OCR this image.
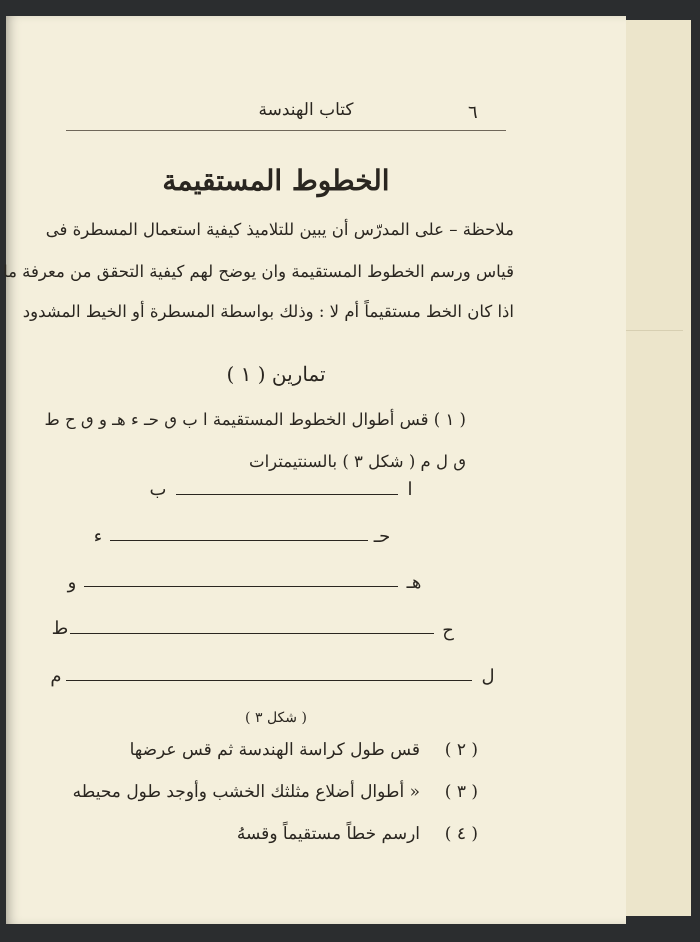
٦
كتاب الهندسة
الخطوط المستقيمة
ملاحظة – على المدرّس أن يبين للتلاميذ كيفية استعمال المسطرة فى
قياس ورسم الخطوط المستقيمة وان يوضح لهم كيفية التحقق من معرفة ما
اذا كان الخط مستقيماً أم لا : وذلك بواسطة المسطرة أو الخيط المشدود
تمارين ( ١ )
( ١ ) قس أطوال الخطوط المستقيمة ا ب ٯ حـ ء هـ و ٯ ح ط
ٯ ل م ( شكل ٣ ) بالسنتيمترات
ا
ب
حـ
ء
هـ
و
ح
ط
ل
م
( شكل ٣ )
( ٢ )
قس طول كراسة الهندسة ثم قس عرضها
( ٣ )
« أطوال أضلاع مثلثك الخشب وأوجد طول محيطه
( ٤ )
ارسم خطاً مستقيماً وقسهُ
